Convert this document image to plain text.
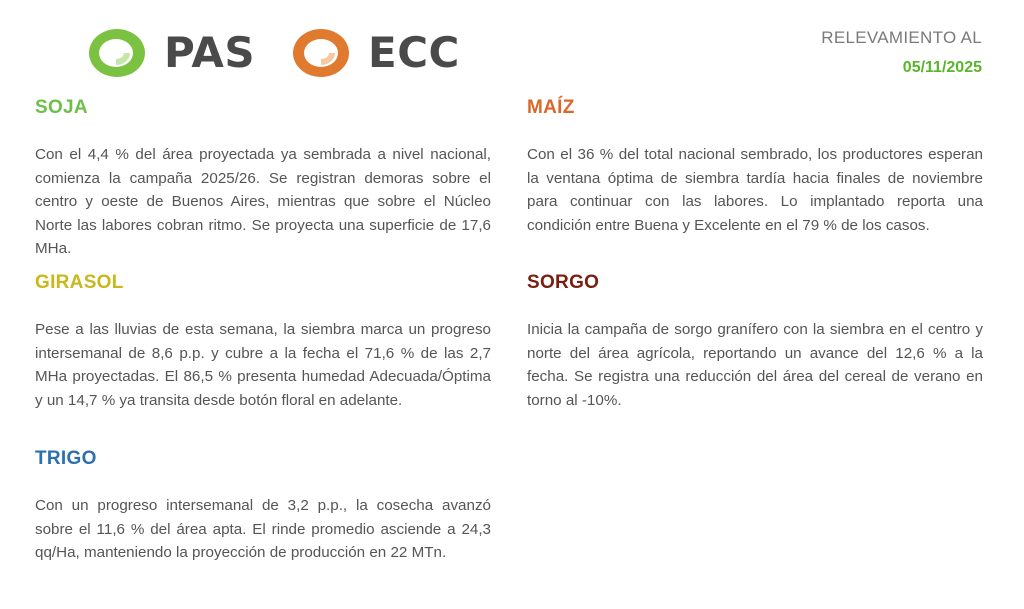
PAS	ECC	RELEVAMIENTO AL
05/11/2025
SOJA

Con el 4,4 % del área proyectada ya sembrada a nivel nacional, comienza la campaña 2025/26. Se registran demoras sobre el centro y oeste de Buenos Aires, mientras que sobre el Núcleo Norte las labores cobran ritmo. Se proyecta una superficie de 17,6 MHa.

GIRASOL

Pese a las lluvias de esta semana, la siembra marca un progreso intersemanal de 8,6 p.p. y cubre a la fecha el 71,6 % de las 2,7 MHa proyectadas. El 86,5 % presenta humedad Adecuada/Óptima y un 14,7 % ya transita desde botón floral en adelante.

TRIGO

Con un progreso intersemanal de 3,2 p.p., la cosecha avanzó sobre el 11,6 % del área apta. El rinde promedio asciende a 24,3 qq/Ha, manteniendo la proyección de producción en 22 MTn.

MAÍZ

Con el 36 % del total nacional sembrado, los productores esperan la ventana óptima de siembra tardía hacia finales de noviembre para continuar con las labores. Lo implantado reporta una condición entre Buena y Excelente en el 79 % de los casos.

SORGO

Inicia la campaña de sorgo granífero con la siembra en el centro y norte del área agrícola, reportando un avance del 12,6 % a la fecha. Se registra una reducción del área del cereal de verano en torno al -10%.
